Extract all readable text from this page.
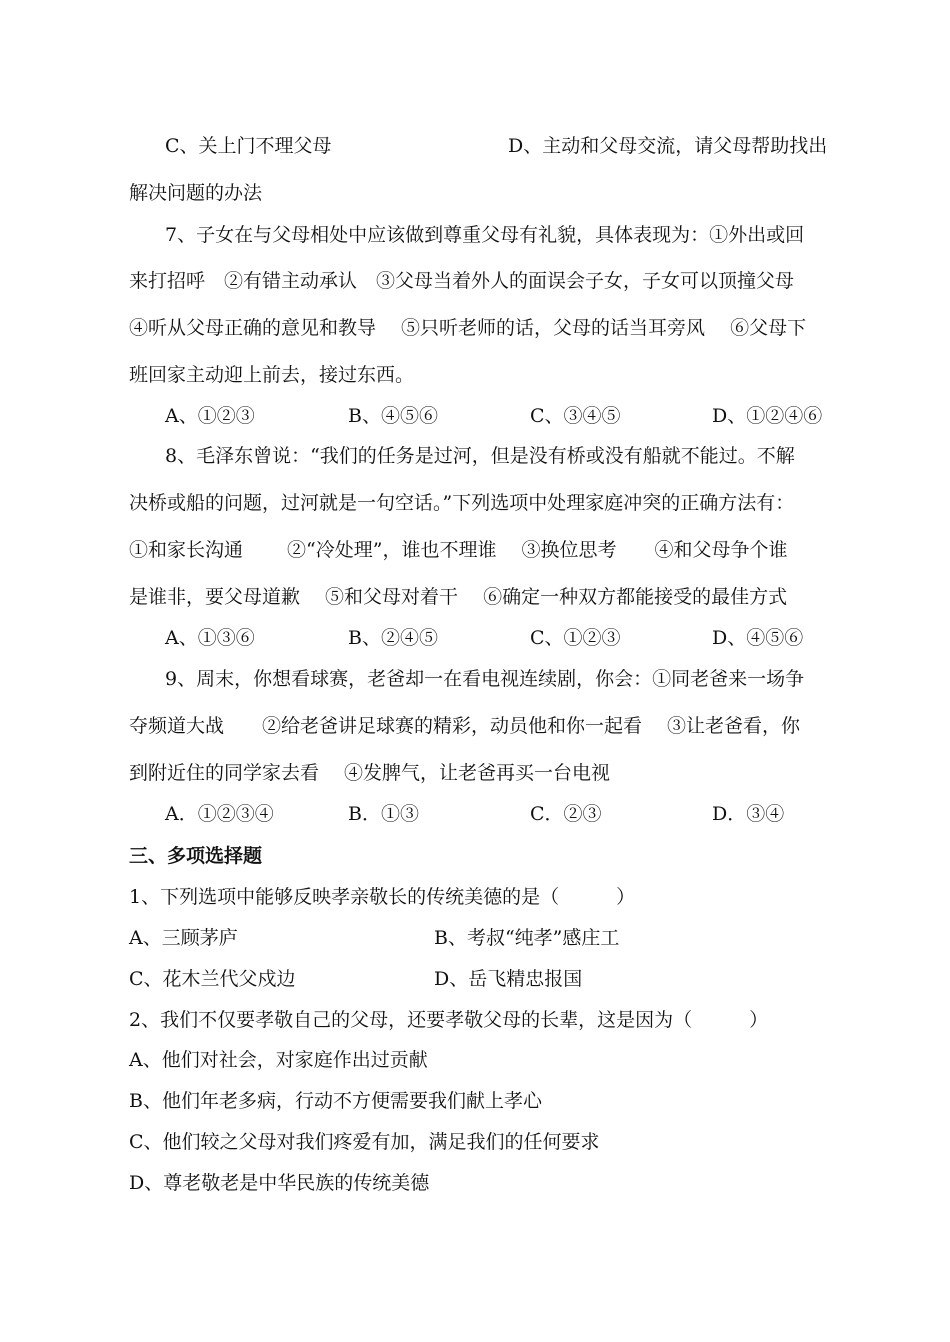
C、关上门不理父母	D、主动和父母交流，请父母帮助找出
解决问题的办法
7、子女在与父母相处中应该做到尊重父母有礼貌，具体表现为：①外出或回
来打招呼　②有错主动承认　③父母当着外人的面误会子女，子女可以顶撞父母
④听从父母正确的意见和教导　 ⑤只听老师的话，父母的话当耳旁风　 ⑥父母下
班回家主动迎上前去，接过东西。
A、①②③	B、④⑤⑥	C、③④⑤	D、①②④⑥
8、毛泽东曾说：“我们的任务是过河，但是没有桥或没有船就不能过。不解
决桥或船的问题，过河就是一句空话。”下列选项中处理家庭冲突的正确方法有：
①和家长沟通　　 ②“冷处理”，谁也不理谁　 ③换位思考　　④和父母争个谁
是谁非，要父母道歉　 ⑤和父母对着干　 ⑥确定一种双方都能接受的最佳方式
A、①③⑥	B、②④⑤	C、①②③	D、④⑤⑥
9、周末，你想看球赛，老爸却一在看电视连续剧，你会：①同老爸来一场争
夺频道大战　　②给老爸讲足球赛的精彩，动员他和你一起看　 ③让老爸看，你
到附近住的同学家去看　 ④发脾气，让老爸再买一台电视
A．①②③④	B．①③	C．②③	D．③④
三、多项选择题
1、下列选项中能够反映孝亲敬长的传统美德的是（　　　）
A、三顾茅庐	B、考叔“纯孝”感庄工
C、花木兰代父戍边	D、岳飞精忠报国
2、我们不仅要孝敬自己的父母，还要孝敬父母的长辈，这是因为（　　　）
A、他们对社会，对家庭作出过贡献
B、他们年老多病，行动不方便需要我们献上孝心
C、他们较之父母对我们疼爱有加，满足我们的任何要求
D、尊老敬老是中华民族的传统美德
